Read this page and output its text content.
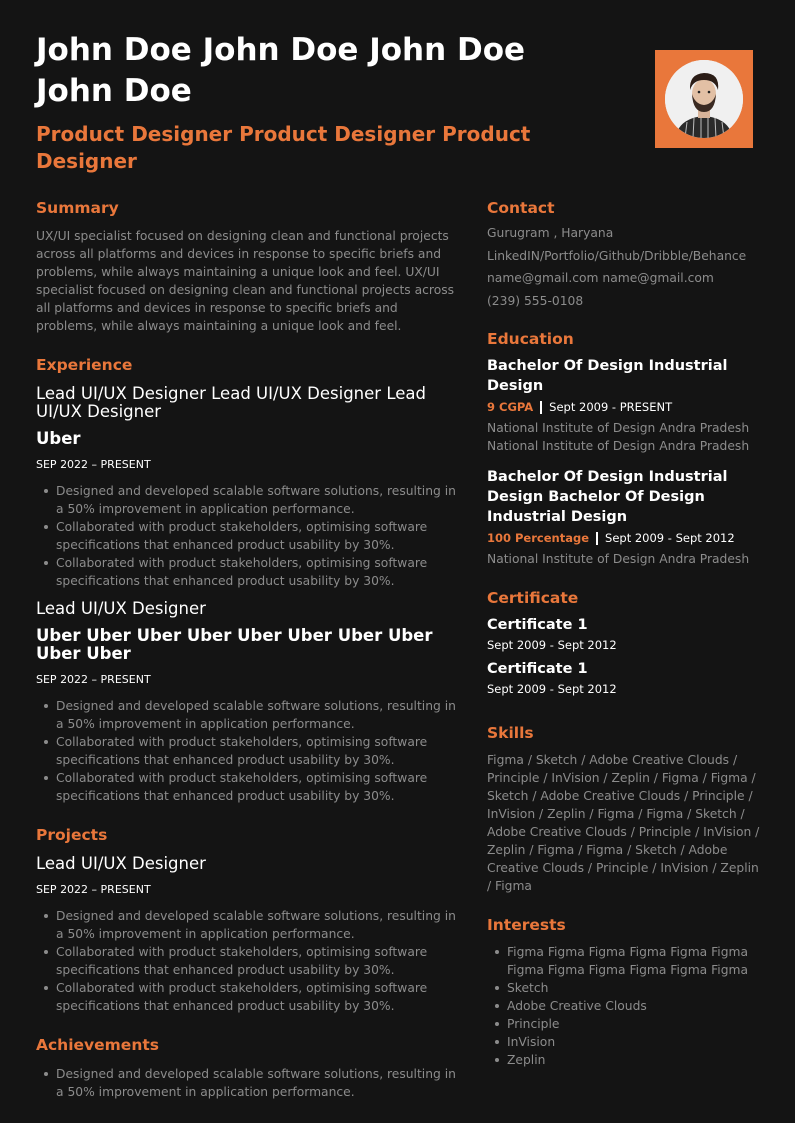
John Doe John Doe John Doe John Doe
Product Designer Product Designer Product Designer
Summary
UX/UI specialist focused on designing clean and functional projects across all platforms and devices in response to specific briefs and problems, while always maintaining a unique look and feel. UX/UI specialist focused on designing clean and functional projects across all platforms and devices in response to specific briefs and problems, while always maintaining a unique look and feel.
Experience
Lead UI/UX Designer Lead UI/UX Designer Lead UI/UX Designer
Uber
SEP 2022 – PRESENT
Designed and developed scalable software solutions, resulting in a 50% improvement in application performance.
Collaborated with product stakeholders, optimising software specifications that enhanced product usability by 30%.
Collaborated with product stakeholders, optimising software specifications that enhanced product usability by 30%.
Lead UI/UX Designer
Uber Uber Uber Uber Uber Uber Uber Uber Uber Uber
SEP 2022 – PRESENT
Designed and developed scalable software solutions, resulting in a 50% improvement in application performance.
Collaborated with product stakeholders, optimising software specifications that enhanced product usability by 30%.
Collaborated with product stakeholders, optimising software specifications that enhanced product usability by 30%.
Projects
Lead UI/UX Designer
SEP 2022 – PRESENT
Designed and developed scalable software solutions, resulting in a 50% improvement in application performance.
Collaborated with product stakeholders, optimising software specifications that enhanced product usability by 30%.
Collaborated with product stakeholders, optimising software specifications that enhanced product usability by 30%.
Achievements
Designed and developed scalable software solutions, resulting in a 50% improvement in application performance.
Contact
Gurugram , Haryana
LinkedIN/Portfolio/Github/Dribble/Behance
name@gmail.com name@gmail.com
(239) 555-0108
Education
Bachelor Of Design Industrial Design
9 CGPA Sept 2009 - PRESENT
National Institute of Design Andra Pradesh National Institute of Design Andra Pradesh
Bachelor Of Design Industrial Design Bachelor Of Design Industrial Design
100 Percentage Sept 2009 - Sept 2012
National Institute of Design Andra Pradesh
Certificate
Certificate 1
Sept 2009 - Sept 2012
Certificate 1
Sept 2009 - Sept 2012
Skills
Figma / Sketch / Adobe Creative Clouds / Principle / InVision / Zeplin / Figma / Figma / Sketch / Adobe Creative Clouds / Principle / InVision / Zeplin / Figma / Figma / Sketch / Adobe Creative Clouds / Principle / InVision / Zeplin / Figma / Figma / Sketch / Adobe Creative Clouds / Principle / InVision / Zeplin / Figma
Interests
Figma Figma Figma Figma Figma Figma Figma Figma Figma Figma Figma Figma
Sketch
Adobe Creative Clouds
Principle
InVision
Zeplin
